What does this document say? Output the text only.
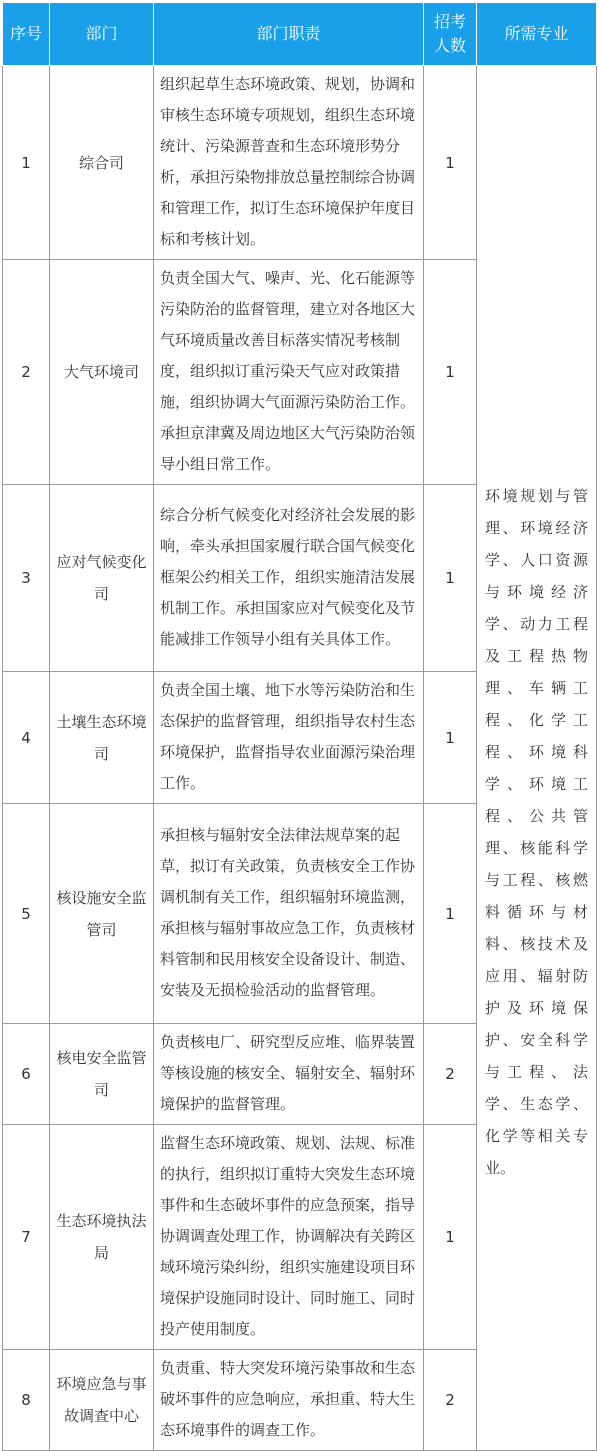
序号	部门	部门职责	招考人数	所需专业
1	综合司	组织起草生态环境政策、规划，协调和审核生态环境专项规划，组织生态环境统计、污染源普查和生态环境形势分析，承担污染物排放总量控制综合协调和管理工作，拟订生态环境保护年度目标和考核计划。	1	环境规划与管理、环境经济学、人口资源与环境经济学、动力工程及工程热物理、车辆工程、化学工程、环境科学、环境工程、公共管理、核能科学与工程、核燃料循环与材料、核技术及应用、辐射防护及环境保护、安全科学与工程、法学、生态学、化学等相关专业。

2	大气环境司	负责全国大气、噪声、光、化石能源等污染防治的监督管理，建立对各地区大气环境质量改善目标落实情况考核制度，组织拟订重污染天气应对政策措施，组织协调大气面源污染防治工作。承担京津冀及周边地区大气污染防治领导小组日常工作。	1	
3	应对气候变化司	综合分析气候变化对经济社会发展的影响，牵头承担国家履行联合国气候变化框架公约相关工作，组织实施清洁发展机制工作。承担国家应对气候变化及节能减排工作领导小组有关具体工作。	1	
4	土壤生态环境司	负责全国土壤、地下水等污染防治和生态保护的监督管理，组织指导农村生态环境保护，监督指导农业面源污染治理工作。	1	
5	核设施安全监管司	承担核与辐射安全法律法规草案的起草，拟订有关政策，负责核安全工作协调机制有关工作，组织辐射环境监测，承担核与辐射事故应急工作，负责核材料管制和民用核安全设备设计、制造、安装及无损检验活动的监督管理。	1	
6	核电安全监管司	负责核电厂、研究型反应堆、临界装置等核设施的核安全、辐射安全、辐射环境保护的监督管理。	2	
7	生态环境执法局	监督生态环境政策、规划、法规、标准的执行，组织拟订重特大突发生态环境事件和生态破坏事件的应急预案，指导协调调查处理工作，协调解决有关跨区域环境污染纠纷，组织实施建设项目环境保护设施同时设计、同时施工、同时投产使用制度。	1	
8	环境应急与事故调查中心	负责重、特大突发环境污染事故和生态破坏事件的应急响应，承担重、特大生态环境事件的调查工作。	2	
